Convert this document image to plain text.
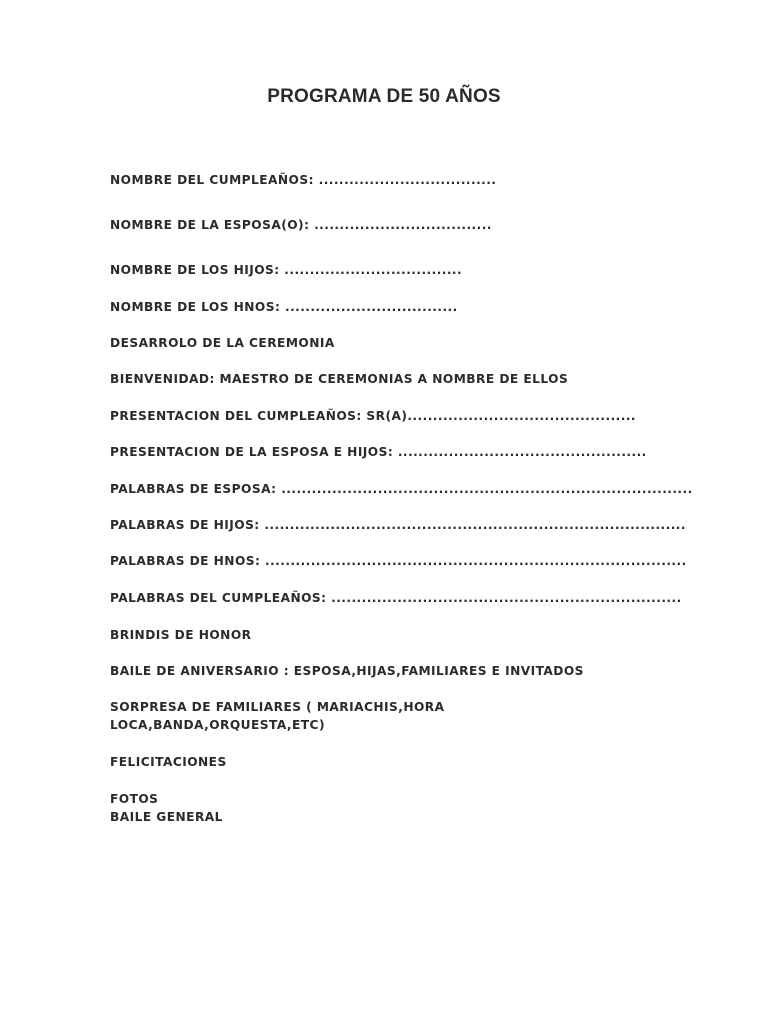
PROGRAMA DE 50 AÑOS
NOMBRE DEL CUMPLEAÑOS: ...................................
NOMBRE DE LA ESPOSA(O): ...................................
NOMBRE DE LOS HIJOS: ...................................
NOMBRE DE LOS HNOS: ..................................
DESARROLO DE LA CEREMONIA
BIENVENIDAD: MAESTRO DE CEREMONIAS A NOMBRE DE ELLOS
PRESENTACION DEL CUMPLEAÑOS: SR(A).............................................
PRESENTACION DE LA ESPOSA E HIJOS: .................................................
PALABRAS DE ESPOSA: .................................................................................
PALABRAS DE HIJOS: ...................................................................................
PALABRAS DE HNOS: ...................................................................................
PALABRAS DEL CUMPLEAÑOS: .....................................................................
BRINDIS DE HONOR
BAILE DE ANIVERSARIO : ESPOSA,HIJAS,FAMILIARES E INVITADOS
SORPRESA DE FAMILIARES ( MARIACHIS,HORA LOCA,BANDA,ORQUESTA,ETC)
FELICITACIONES
FOTOS
BAILE GENERAL
